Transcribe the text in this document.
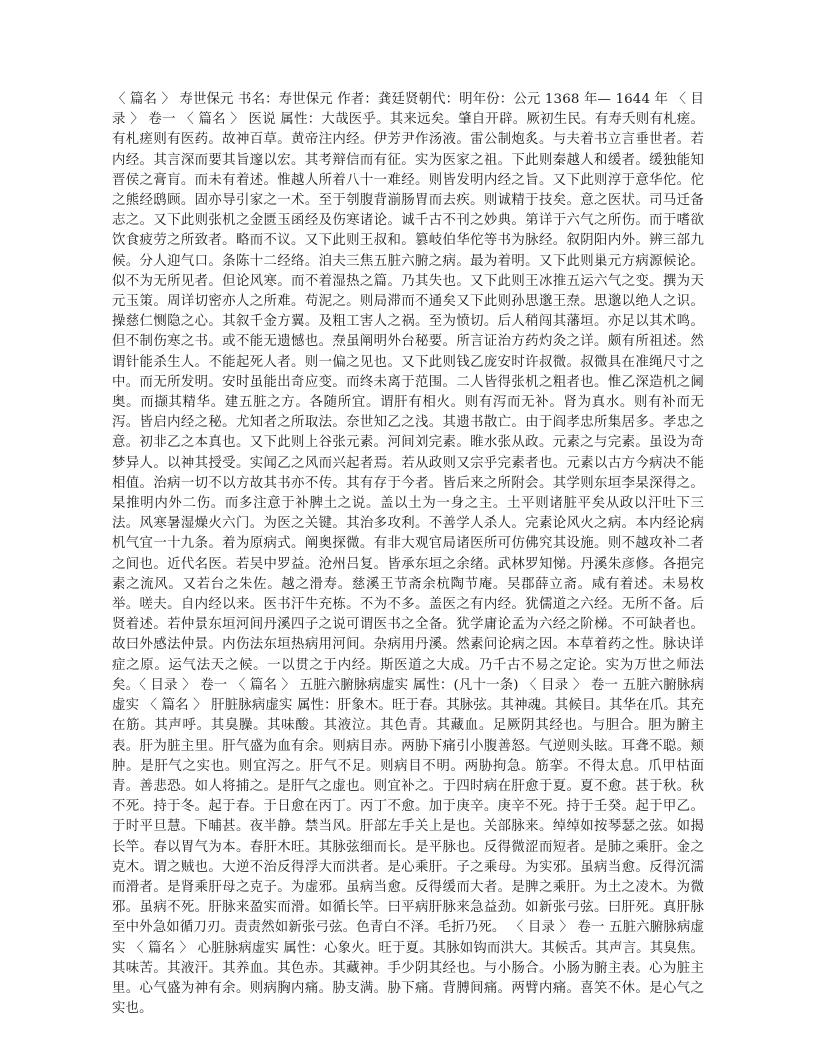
〈 篇名 〉 寿世保元 书名：寿世保元 作者：龚廷贤朝代：明年份：公元 1368 年— 1644 年 〈 目录 〉 卷一 〈 篇名 〉 医说 属性：大哉医乎。其来远矣。肇自开辟。厥初生民。有寿夭则有札瘥。有札瘥则有医药。故神百草。黄帝注内经。伊芳尹作汤液。雷公制炮炙。与夫着书立言垂世者。若内经。其言深而要其旨邃以宏。其考辩信而有征。实为医家之祖。下此则秦越人和缓者。缓独能知晋侯之膏肓。而未有着述。惟越人所着八十一难经。则皆发明内经之旨。又下此则淳于意华佗。佗之熊经鸱顾。固亦导引家之一术。至于刳腹背湔肠胃而去疾。则诚精于技矣。意之医状。司马迁备志之。又下此则张机之金匮玉函经及伤寒诸论。诚千古不刊之妙典。第详于六气之所伤。而于嗜欲饮食疲劳之所致者。略而不议。又下此则王叔和。篡岐伯华佗等书为脉经。叙阴阳内外。辨三部九候。分人迎气口。条陈十二经络。洎夫三焦五脏六腑之病。最为着明。又下此则巢元方病源候论。似不为无所见者。但论风寒。而不着湿热之篇。乃其失也。又下此则王冰推五运六气之变。撰为天元玉策。周详切密亦人之所难。苟泥之。则局滞而不通矣又下此则孙思邈王焘。思邈以绝人之识。操慈仁恻隐之心。其叙千金方翼。及粗工害人之祸。至为愤切。后人稍闯其藩垣。亦足以其术鸣。但不制伤寒之书。或不能无遗憾也。焘虽阐明外台秘要。所言证治方药灼灸之详。颇有所祖述。然谓针能杀生人。不能起死人者。则一偏之见也。又下此则钱乙庞安时许叔微。叔微具在准绳尺寸之中。而无所发明。安时虽能出奇应变。而终未离于范围。二人皆得张机之粗者也。惟乙深造机之阃奥。而撷其精华。建五脏之方。各随所宜。谓肝有相火。则有泻而无补。肾为真水。则有补而无泻。皆启内经之秘。尤知者之所取法。奈世知乙之浅。其遗书散亡。由于阎孝忠所集居多。孝忠之意。初非乙之本真也。又下此则上谷张元素。河间刘完素。睢水张从政。元素之与完素。虽设为奇梦异人。以神其授受。实闻乙之风而兴起者焉。若从政则又宗乎完素者也。元素以古方今病决不能相值。治病一切不以方故其书亦不传。其有存于今者。皆后来之所附会。其学则东垣李杲深得之。杲推明内外二伤。而多注意于补脾土之说。盖以土为一身之主。土平则诸脏平矣从政以汗吐下三法。风寒暑湿燥火六门。为医之关键。其治多攻利。不善学人杀人。完素论风火之病。本内经论病机气宜一十九条。着为原病式。阐奥探微。有非大观官局诸医所可仿佛究其设施。则不越攻补二者之间也。近代名医。若吴中罗益。沧州吕复。皆承东垣之余绪。武林罗知悌。丹溪朱彦修。各挹完素之流风。又若台之朱佐。越之滑寿。慈溪王节斋余杭陶节庵。吴郡薛立斋。咸有着述。未易枚举。嗟夫。自内经以来。医书汗牛充栋。不为不多。盖医之有内经。犹儒道之六经。无所不备。后贤着述。若仲景东垣河间丹溪四子之说可谓医书之全备。犹学庸论孟为六经之阶梯。不可缺者也。故曰外感法仲景。内伤法东垣热病用河间。杂病用丹溪。然素问论病之因。本草着药之性。脉诀详症之原。运气法天之候。一以贯之于内经。斯医道之大成。乃千古不易之定论。实为万世之师法矣。〈 目录 〉 卷一 〈 篇名 〉 五脏六腑脉病虚实 属性：(凡十一条) 〈 目录 〉 卷一 五脏六腑脉病虚实 〈 篇名 〉 肝脏脉病虚实 属性：肝象木。旺于春。其脉弦。其神魂。其候目。其华在爪。其充在筋。其声呼。其臭臊。其味酸。其液泣。其色青。其藏血。足厥阴其经也。与胆合。胆为腑主表。肝为脏主里。肝气盛为血有余。则病目赤。两胁下痛引小腹善怒。气逆则头眩。耳聋不聪。颊肿。是肝气之实也。则宜泻之。肝气不足。则病目不明。两胁拘急。筋挛。不得太息。爪甲枯面青。善悲恐。如人将捕之。是肝气之虚也。则宜补之。于四时病在肝愈于夏。夏不愈。甚于秋。秋不死。持于冬。起于春。于日愈在丙丁。丙丁不愈。加于庚辛。庚辛不死。持于壬癸。起于甲乙。于时平旦慧。下晡甚。夜半静。禁当风。肝部左手关上是也。关部脉来。绰绰如按琴瑟之弦。如揭长竿。春以胃气为本。春肝木旺。其脉弦细而长。是平脉也。反得微涩而短者。是肺之乘肝。金之克木。谓之贼也。大逆不治反得浮大而洪者。是心乘肝。子之乘母。为实邪。虽病当愈。反得沉濡而滑者。是肾乘肝母之克子。为虚邪。虽病当愈。反得缓而大者。是脾之乘肝。为土之凌木。为微邪。虽病不死。肝脉来盈实而滑。如循长竿。曰平病肝脉来急益劲。如新张弓弦。曰肝死。真肝脉至中外急如循刀刃。责责然如新张弓弦。色青白不泽。毛折乃死。 〈 目录 〉 卷一 五脏六腑脉病虚实 〈 篇名 〉 心脏脉病虚实 属性：心象火。旺于夏。其脉如钩而洪大。其候舌。其声言。其臭焦。其味苦。其液汗。其养血。其色赤。其藏神。手少阴其经也。与小肠合。小肠为腑主表。心为脏主里。心气盛为神有余。则病胸内痛。胁支满。胁下痛。背膊间痛。两臂内痛。喜笑不休。是心气之实也。
